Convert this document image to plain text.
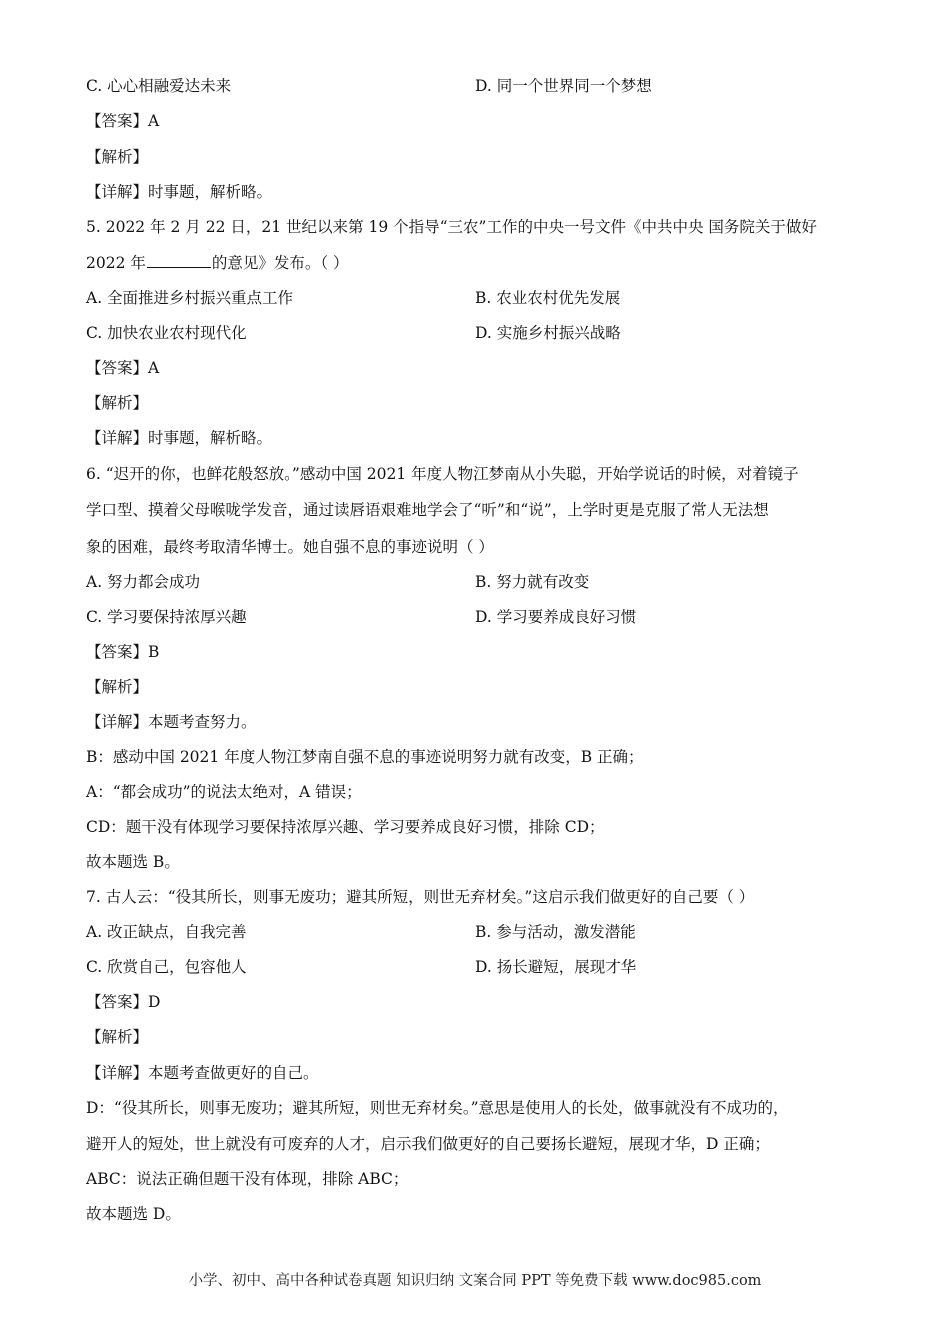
C. 心心相融爱达未来	D. 同一个世界同一个梦想
【答案】A
【解析】
【详解】时事题，解析略。
5. 2022 年 2 月 22 日，21 世纪以来第 19 个指导“三农”工作的中央一号文件《中共中央 国务院关于做好
2022 年	的意见》发布。（ ）
A. 全面推进乡村振兴重点工作	B. 农业农村优先发展
C. 加快农业农村现代化	D. 实施乡村振兴战略
【答案】A
【解析】
【详解】时事题，解析略。
6. “迟开的你，也鲜花般怒放。”感动中国 2021 年度人物江梦南从小失聪，开始学说话的时候，对着镜子
学口型、摸着父母喉咙学发音，通过读唇语艰难地学会了“听”和“说”，上学时更是克服了常人无法想
象的困难，最终考取清华博士。她自强不息的事迹说明（ ）
A. 努力都会成功	B. 努力就有改变
C. 学习要保持浓厚兴趣	D. 学习要养成良好习惯
【答案】B
【解析】
【详解】本题考查努力。
B：感动中国 2021 年度人物江梦南自强不息的事迹说明努力就有改变，B 正确；
A：“都会成功”的说法太绝对，A 错误；
CD：题干没有体现学习要保持浓厚兴趣、学习要养成良好习惯，排除 CD；
故本题选 B。
7. 古人云：“役其所长，则事无废功；避其所短，则世无弃材矣。”这启示我们做更好的自己要（ ）
A. 改正缺点，自我完善	B. 参与活动，激发潜能
C. 欣赏自己，包容他人	D. 扬长避短，展现才华
【答案】D
【解析】
【详解】本题考查做更好的自己。
D：“役其所长，则事无废功；避其所短，则世无弃材矣。”意思是使用人的长处，做事就没有不成功的，
避开人的短处，世上就没有可废弃的人才，启示我们做更好的自己要扬长避短，展现才华，D 正确；
ABC：说法正确但题干没有体现，排除 ABC；
故本题选 D。
小学、初中、高中各种试卷真题 知识归纳 文案合同 PPT 等免费下载 www.doc985.com
